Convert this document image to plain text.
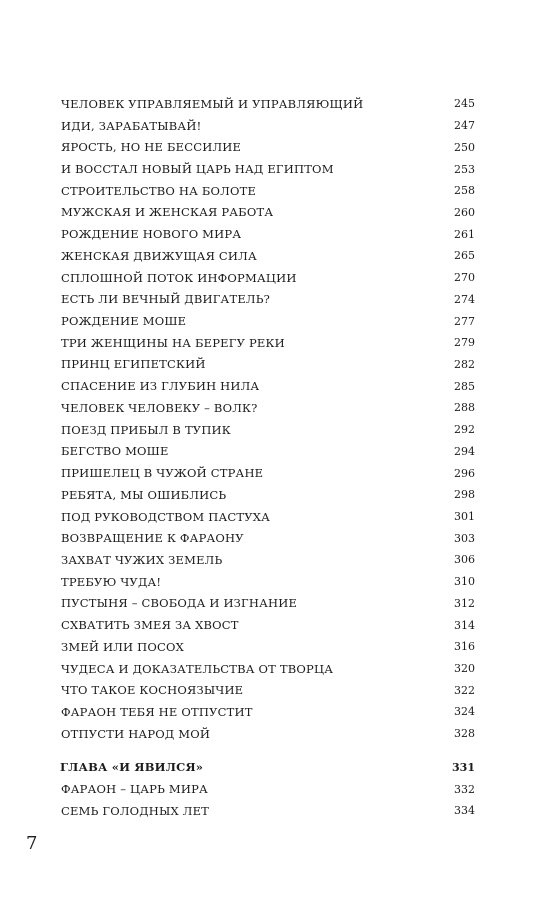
ЧЕЛОВЕК УПРАВЛЯЕМЫЙ И УПРАВЛЯЮЩИЙ	245
ИДИ, ЗАРАБАТЫВАЙ!	247
ЯРОСТЬ, НО НЕ БЕССИЛИЕ	250
И ВОССТАЛ НОВЫЙ ЦАРЬ НАД ЕГИПТОМ	253
СТРОИТЕЛЬСТВО НА БОЛОТЕ	258
МУЖСКАЯ И ЖЕНСКАЯ РАБОТА	260
РОЖДЕНИЕ НОВОГО МИРА	261
ЖЕНСКАЯ ДВИЖУЩАЯ СИЛА	265
СПЛОШНОЙ ПОТОК ИНФОРМАЦИИ	270
ЕСТЬ ЛИ ВЕЧНЫЙ ДВИГАТЕЛЬ?	274
РОЖДЕНИЕ МОШЕ	277
ТРИ ЖЕНЩИНЫ НА БЕРЕГУ РЕКИ	279
ПРИНЦ ЕГИПЕТСКИЙ	282
СПАСЕНИЕ ИЗ ГЛУБИН НИЛА	285
ЧЕЛОВЕК ЧЕЛОВЕКУ – ВОЛК?	288
ПОЕЗД ПРИБЫЛ В ТУПИК	292
БЕГСТВО МОШЕ	294
ПРИШЕЛЕЦ В ЧУЖОЙ СТРАНЕ	296
РЕБЯТА, МЫ ОШИБЛИСЬ	298
ПОД РУКОВОДСТВОМ ПАСТУХА	301
ВОЗВРАЩЕНИЕ К ФАРАОНУ	303
ЗАХВАТ ЧУЖИХ ЗЕМЕЛЬ	306
ТРЕБУЮ ЧУДА!	310
ПУСТЫНЯ – СВОБОДА И ИЗГНАНИЕ	312
СХВАТИТЬ ЗМЕЯ ЗА ХВОСТ	314
ЗМЕЙ ИЛИ ПОСОХ	316
ЧУДЕСА И ДОКАЗАТЕЛЬСТВА ОТ ТВОРЦА	320
ЧТО ТАКОЕ КОСНОЯЗЫЧИЕ	322
ФАРАОН ТЕБЯ НЕ ОТПУСТИТ	324
ОТПУСТИ НАРОД МОЙ	328
ГЛАВА «И ЯВИЛСЯ»	331
ФАРАОН – ЦАРЬ МИРА	332
СЕМЬ ГОЛОДНЫХ ЛЕТ	334
7
